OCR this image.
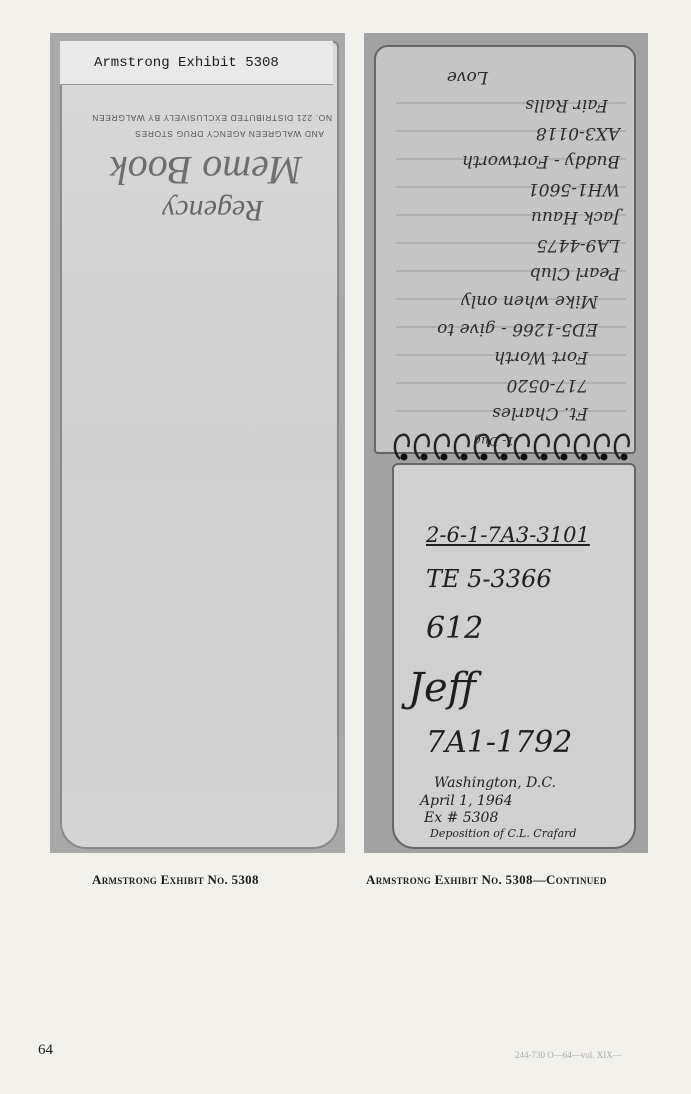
NO. 221 DISTRIBUTED EXCLUSIVELY BY WALGREEN
AND WALGREEN AGENCY DRUG STORES
Memo Book
Regency
Armstrong Exhibit 5308
-1- Dug
Ft. Charles
717-0520
Fort Worth
ED5-1266 - give to
Mike when only
Pearl Club
LA9-4475
Jack Hauu
WH1-5601
Buddy - Fortworth
AX3-0118
Fair Ralls
Love
2-6-1-7A3-3101
TE 5-3366
612
Jeff
7A1-1792
Washington, D.C.
April 1, 1964
Ex # 5308
Deposition of C.L. Crafard
Armstrong Exhibit No. 5308	Armstrong Exhibit No. 5308—Continued
64	244-730 O—64—vol. XIX—
